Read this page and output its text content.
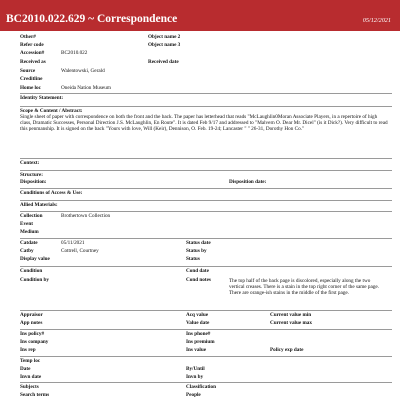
BC2010.022.629 ~ Correspondence	05/12/2021
Other#	Object name 2
Refer code	Object name 3
Accession#	BC2010.022
Received as	Received date
Source	Walentowski, Gerald
Creditline
Home loc	Oneida Nation Museum
Identity Statement:
Scope & Content / Abstract:
Single sheet of paper with correspondence on both the front and the back. The paper has letterhead that reads "McLaughlin0Moran Associate Players, in a repertoire of high class, Dramatic Successes, Personal Direction J.S. McLaughlin, En Route". It is dated Feb 9/17 and addressed to "Malvern O. Dear Mr. Dicel" (is it Dick?). Very difficult to read this penmanship. It is signed on the back "Yours with love, Will (Keir), Dennison, O. Feb. 19-24; Lancaster " " 26-31, Dorothy Hon Co."
Context:
Structure:
Disposition:	Disposition date:
Conditions of Access & Use:
Allied Materials:
Collection	Brothertown Collection
Event
Medium
Catdate	05/11/2021	Status date
Catby	Cottrell, Courtney	Status by
Display value	Status
Condition	Cond date
Condition by	Cond notes	The top half of the back page is discolored, especially along the two vertical creases. There is a stain in the top right corner of the same page. There are orange-ish stains in the middle of the first page.
Appraisor	Acq value	Current value min
App notes	Value date	Current value max
Ins policy#	Ins phone#
Ins company	Ins premium
Ins rep	Ins value	Policy exp date
Temp loc
Date	By/Until
Invn date	Invn by
Subjects	Classification
Search terms	People
